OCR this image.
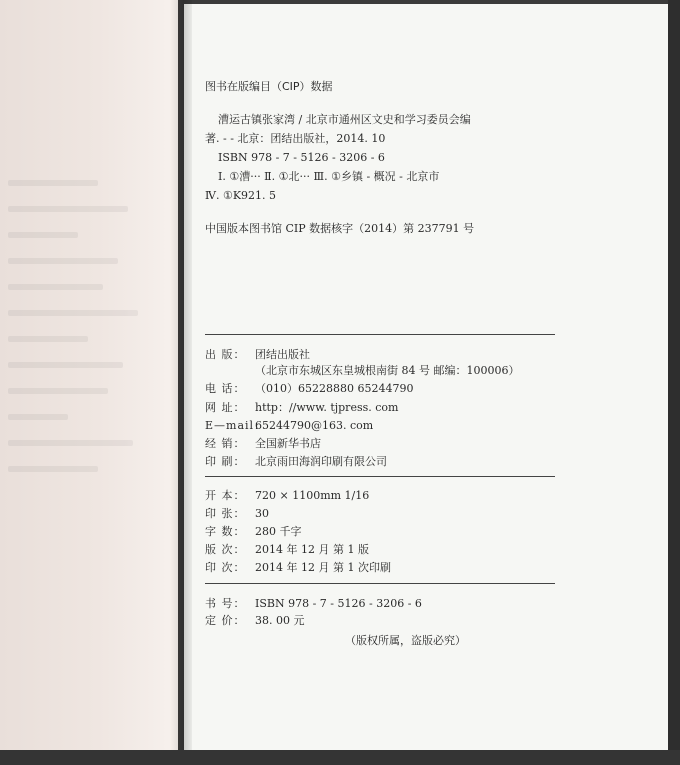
图书在版编目（CIP）数据
漕运古镇张家湾 / 北京市通州区文史和学习委员会编
著. - - 北京：团结出版社，2014. 10
ISBN 978 - 7 - 5126 - 3206 - 6
Ⅰ. ①漕··· Ⅱ. ①北··· Ⅲ. ①乡镇 - 概况 - 北京市
Ⅳ. ①K921. 5
中国版本图书馆 CIP 数据核字（2014）第 237791 号
出 版： 团结出版社
（北京市东城区东皇城根南街 84 号 邮编：100006）
电 话： （010）65228880 65244790
网 址： http：//www. tjpress. com
E—mail：65244790@163. com
经 销： 全国新华书店
印 刷： 北京雨田海润印刷有限公司
开 本： 720 × 1100mm 1/16
印 张： 30
字 数： 280 千字
版 次： 2014 年 12 月 第 1 版
印 次： 2014 年 12 月 第 1 次印刷
书 号： ISBN 978 - 7 - 5126 - 3206 - 6
定 价： 38. 00 元
（版权所属，盗版必究）
